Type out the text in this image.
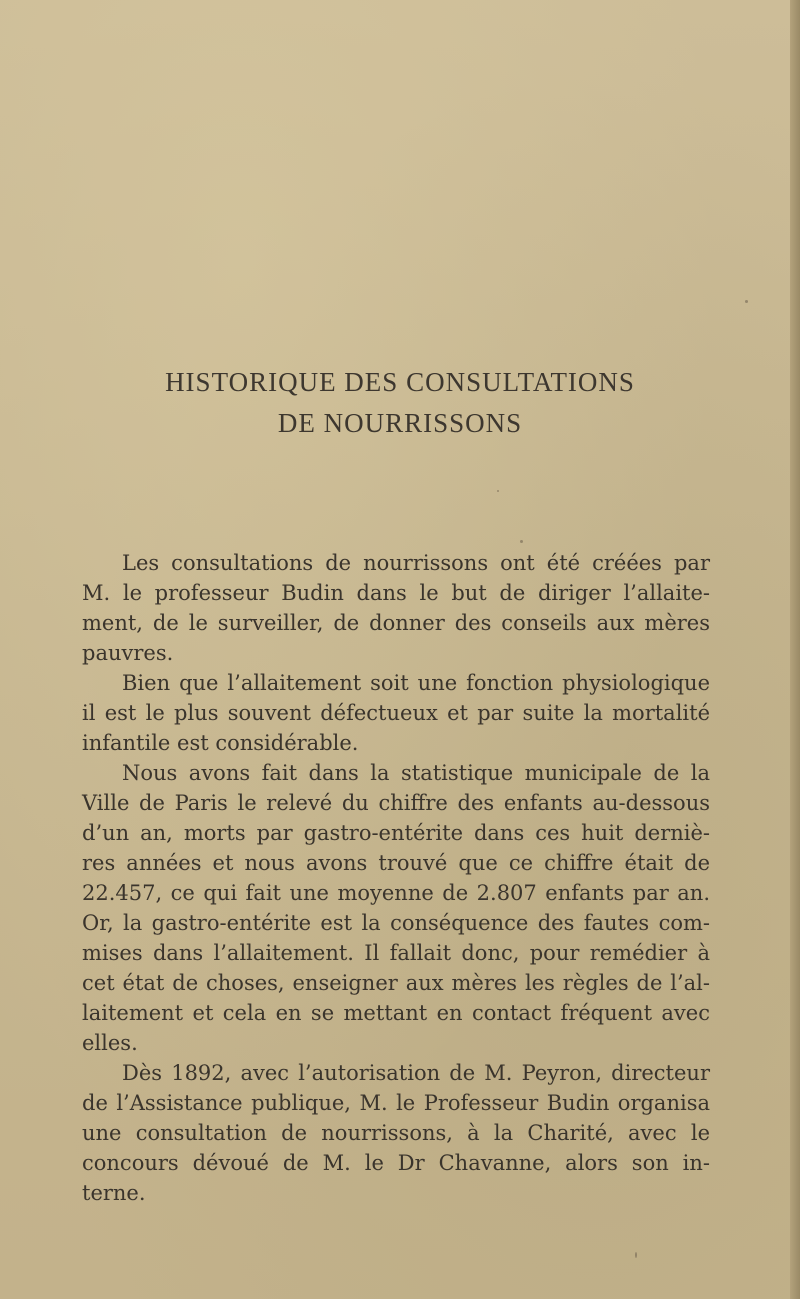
HISTORIQUE DES CONSULTATIONS
DE NOURRISSONS
Les consultations de nourrissons ont été créées par
M. le professeur Budin dans le but de diriger l’allaite-
ment, de le surveiller, de donner des conseils aux mères
pauvres.
Bien que l’allaitement soit une fonction physiologique
il est le plus souvent défectueux et par suite la mortalité
infantile est considérable.
Nous avons fait dans la statistique municipale de la
Ville de Paris le relevé du chiffre des enfants au-dessous
d’un an, morts par gastro-entérite dans ces huit derniè-
res années et nous avons trouvé que ce chiffre était de
22.457, ce qui fait une moyenne de 2.807 enfants par an.
Or, la gastro-entérite est la conséquence des fautes com-
mises dans l’allaitement. Il fallait donc, pour remédier à
cet état de choses, enseigner aux mères les règles de l’al-
laitement et cela en se mettant en contact fréquent avec
elles.
Dès 1892, avec l’autorisation de M. Peyron, directeur
de l’Assistance publique, M. le Professeur Budin organisa
une consultation de nourrissons, à la Charité, avec le
concours dévoué de M. le Dr Chavanne, alors son in-
terne.
